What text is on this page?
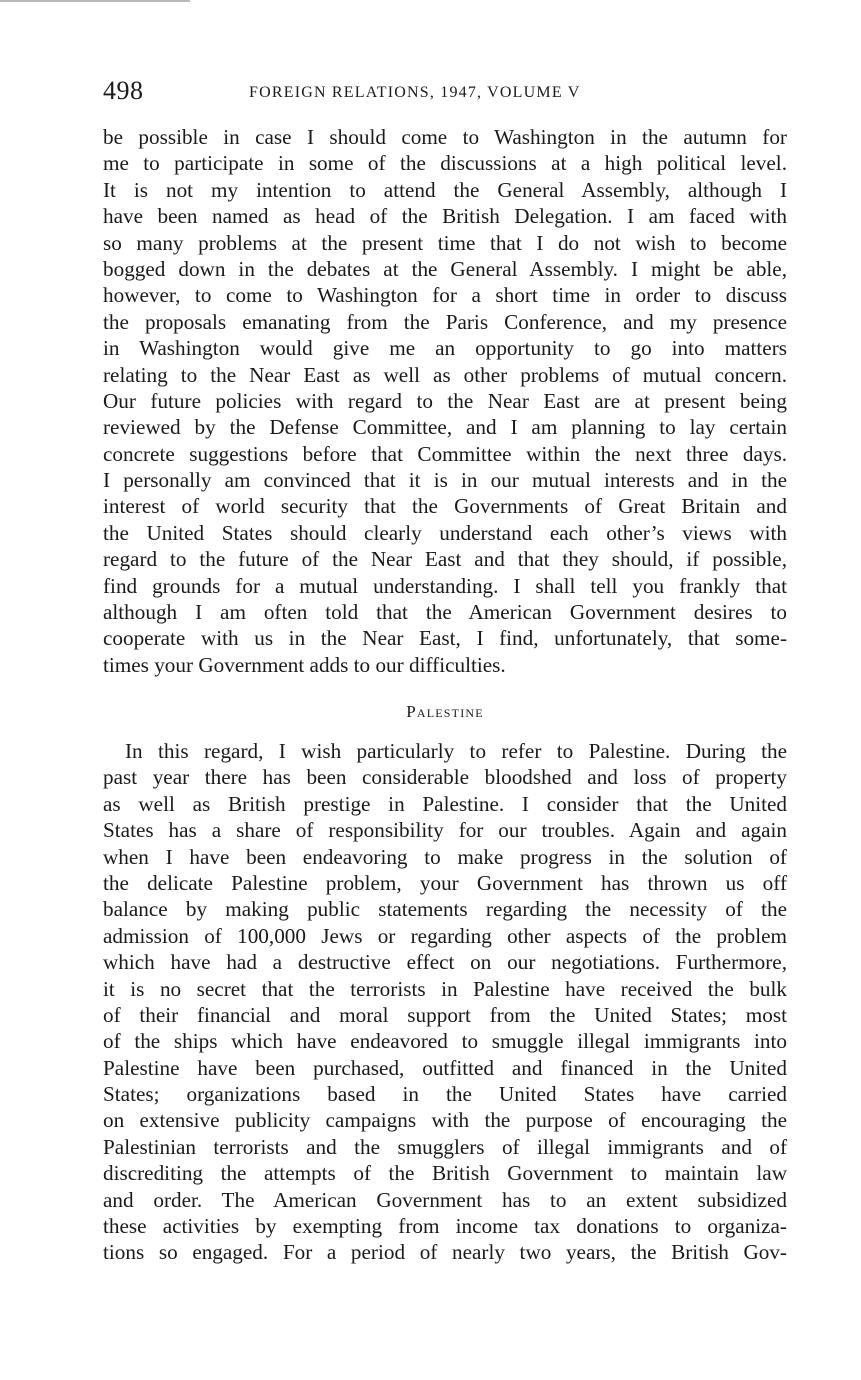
498	FOREIGN RELATIONS, 1947, VOLUME V
be possible in case I should come to Washington in the autumn for
me to participate in some of the discussions at a high political level.
It is not my intention to attend the General Assembly, although I
have been named as head of the British Delegation. I am faced with
so many problems at the present time that I do not wish to become
bogged down in the debates at the General Assembly. I might be able,
however, to come to Washington for a short time in order to discuss
the proposals emanating from the Paris Conference, and my presence
in Washington would give me an opportunity to go into matters
relating to the Near East as well as other problems of mutual concern.
Our future policies with regard to the Near East are at present being
reviewed by the Defense Committee, and I am planning to lay certain
concrete suggestions before that Committee within the next three days.
I personally am convinced that it is in our mutual interests and in the
interest of world security that the Governments of Great Britain and
the United States should clearly understand each other’s views with
regard to the future of the Near East and that they should, if possible,
find grounds for a mutual understanding. I shall tell you frankly that
although I am often told that the American Government desires to
cooperate with us in the Near East, I find, unfortunately, that some-
times your Government adds to our difficulties.
Palestine
In this regard, I wish particularly to refer to Palestine. During the
past year there has been considerable bloodshed and loss of property
as well as British prestige in Palestine. I consider that the United
States has a share of responsibility for our troubles. Again and again
when I have been endeavoring to make progress in the solution of
the delicate Palestine problem, your Government has thrown us off
balance by making public statements regarding the necessity of the
admission of 100,000 Jews or regarding other aspects of the problem
which have had a destructive effect on our negotiations. Furthermore,
it is no secret that the terrorists in Palestine have received the bulk
of their financial and moral support from the United States; most
of the ships which have endeavored to smuggle illegal immigrants into
Palestine have been purchased, outfitted and financed in the United
States; organizations based in the United States have carried
on extensive publicity campaigns with the purpose of encouraging the
Palestinian terrorists and the smugglers of illegal immigrants and of
discrediting the attempts of the British Government to maintain law
and order. The American Government has to an extent subsidized
these activities by exempting from income tax donations to organiza-
tions so engaged. For a period of nearly two years, the British Gov-
